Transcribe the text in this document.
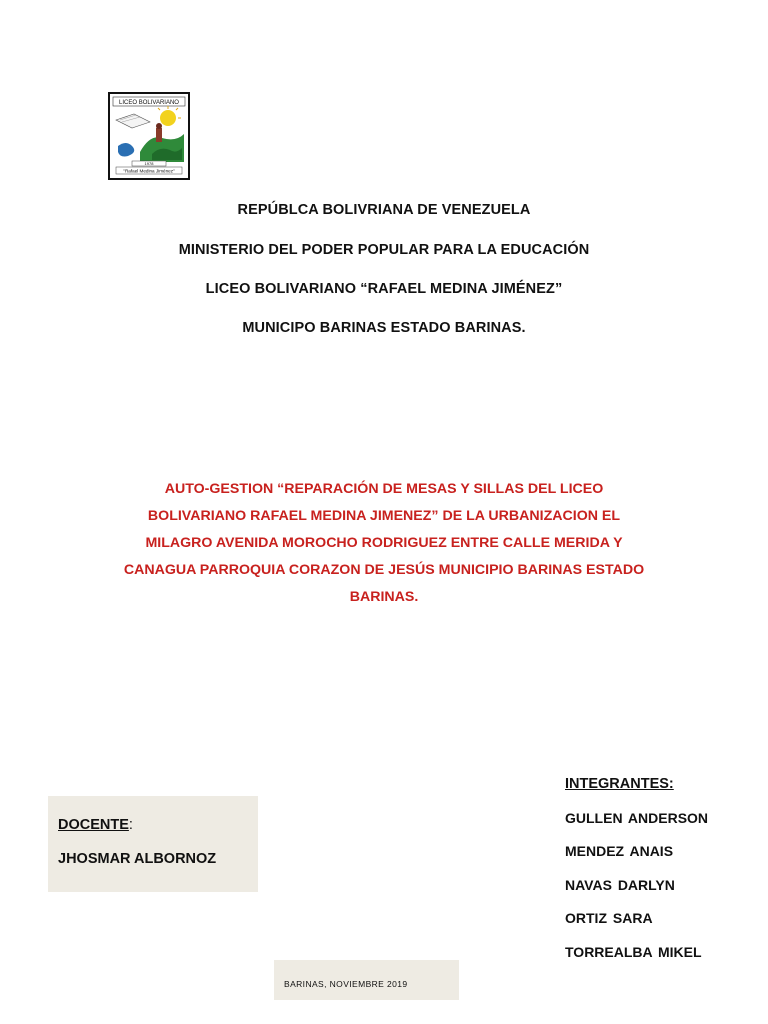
LICEO BOLIVARIANO
1978
"Rafael Medina Jiménez"
REPÚBLCA BOLIVRIANA DE VENEZUELA
MINISTERIO DEL PODER POPULAR PARA LA EDUCACIÓN
LICEO BOLIVARIANO “RAFAEL MEDINA JIMÉNEZ”
MUNICIPO BARINAS ESTADO BARINAS.

AUTO-GESTION “REPARACIÓN DE MESAS Y SILLAS DEL LICEO BOLIVARIANO RAFAEL MEDINA JIMENEZ” DE LA URBANIZACION EL MILAGRO AVENIDA MOROCHO RODRIGUEZ ENTRE CALLE MERIDA Y CANAGUA PARROQUIA CORAZON DE JESÚS MUNICIPIO BARINAS ESTADO BARINAS.

DOCENTE:
JHOSMAR ALBORNOZ
INTEGRANTES:
GULLEN ANDERSON
MENDEZ ANAIS
NAVAS DARLYN
ORTIZ SARA
TORREALBA MIKEL
BARINAS, NOVIEMBRE 2019
